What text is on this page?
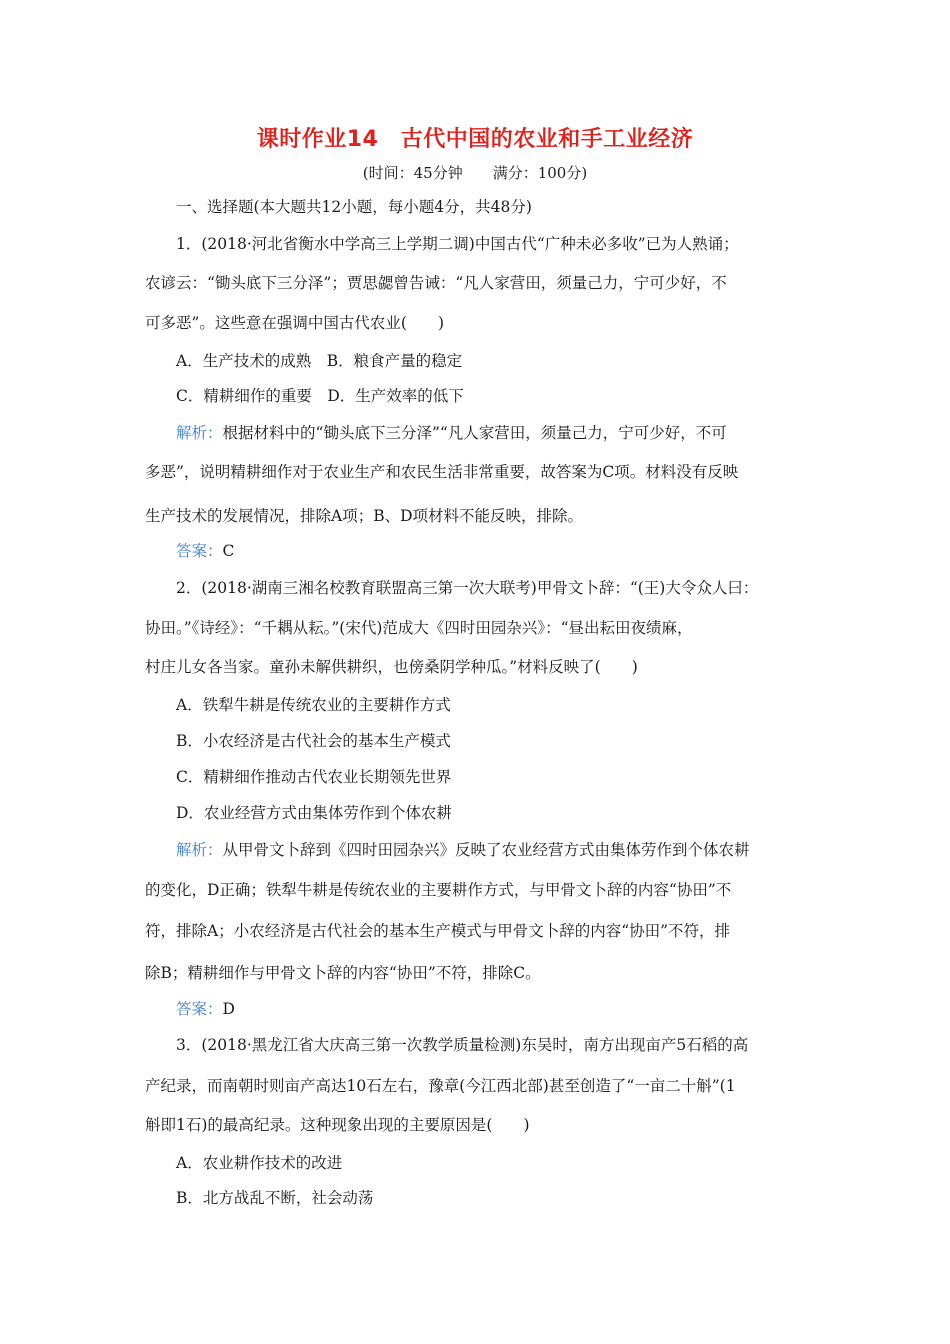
课时作业14　古代中国的农业和手工业经济
(时间：45分钟　　满分：100分)
一、选择题(本大题共12小题，每小题4分，共48分)
1．(2018·河北省衡水中学高三上学期二调)中国古代“广种未必多收”已为人熟诵；
农谚云：“锄头底下三分泽”；贾思勰曾告诫：“凡人家营田，须量己力，宁可少好，不
可多恶”。这些意在强调中国古代农业(　　)
A．生产技术的成熟　B．粮食产量的稳定
C．精耕细作的重要　D．生产效率的低下
解析：根据材料中的“锄头底下三分泽”“凡人家营田，须量己力，宁可少好，不可
多恶”，说明精耕细作对于农业生产和农民生活非常重要，故答案为C项。材料没有反映
生产技术的发展情况，排除A项；B、D项材料不能反映，排除。
答案：C
2．(2018·湖南三湘名校教育联盟高三第一次大联考)甲骨文卜辞：“(王)大令众人曰：
协田。”《诗经》：“千耦从耘。”(宋代)范成大《四时田园杂兴》：“昼出耘田夜绩麻，
村庄儿女各当家。童孙未解供耕织，也傍桑阴学种瓜。”材料反映了(　　)
A．铁犁牛耕是传统农业的主要耕作方式
B．小农经济是古代社会的基本生产模式
C．精耕细作推动古代农业长期领先世界
D．农业经营方式由集体劳作到个体农耕
解析：从甲骨文卜辞到《四时田园杂兴》反映了农业经营方式由集体劳作到个体农耕
的变化，D正确；铁犁牛耕是传统农业的主要耕作方式，与甲骨文卜辞的内容“协田”不
符，排除A；小农经济是古代社会的基本生产模式与甲骨文卜辞的内容“协田”不符，排
除B；精耕细作与甲骨文卜辞的内容“协田”不符，排除C。
答案：D
3．(2018·黑龙江省大庆高三第一次教学质量检测)东吴时，南方出现亩产5石稻的高
产纪录，而南朝时则亩产高达10石左右，豫章(今江西北部)甚至创造了“一亩二十斛”(1
斛即1石)的最高纪录。这种现象出现的主要原因是(　　)
A．农业耕作技术的改进
B．北方战乱不断，社会动荡
